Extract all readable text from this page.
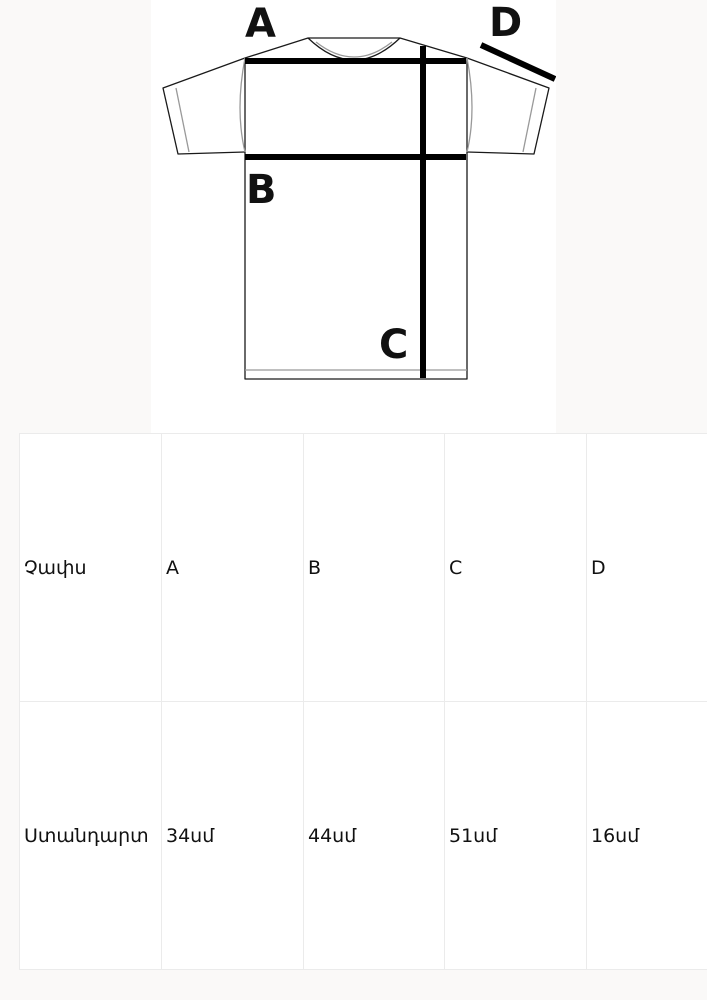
A
B
C
D
Չափս	A	B	C	D
Ստանդարտ	34սմ	44սմ	51սմ	16սմ
